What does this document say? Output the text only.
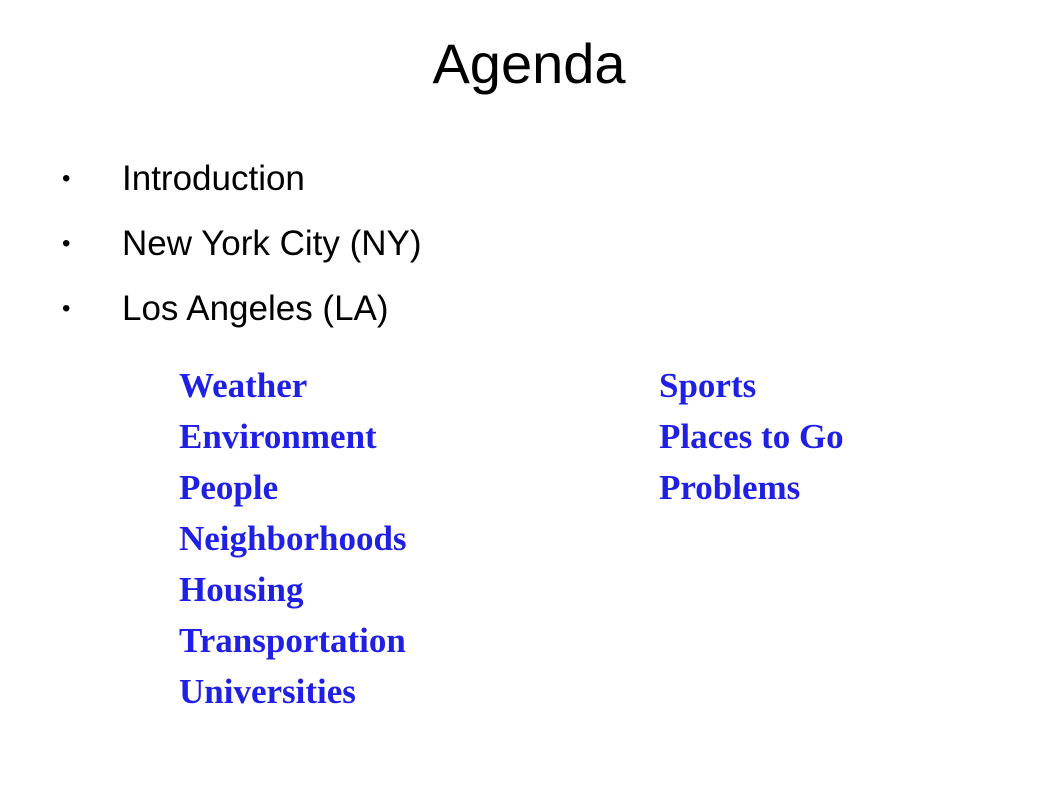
Agenda
•	Introduction
•	New York City (NY)
•	Los Angeles (LA)
Weather
Environment
People
Neighborhoods
Housing
Transportation
Universities
Sports
Places to Go
Problems
